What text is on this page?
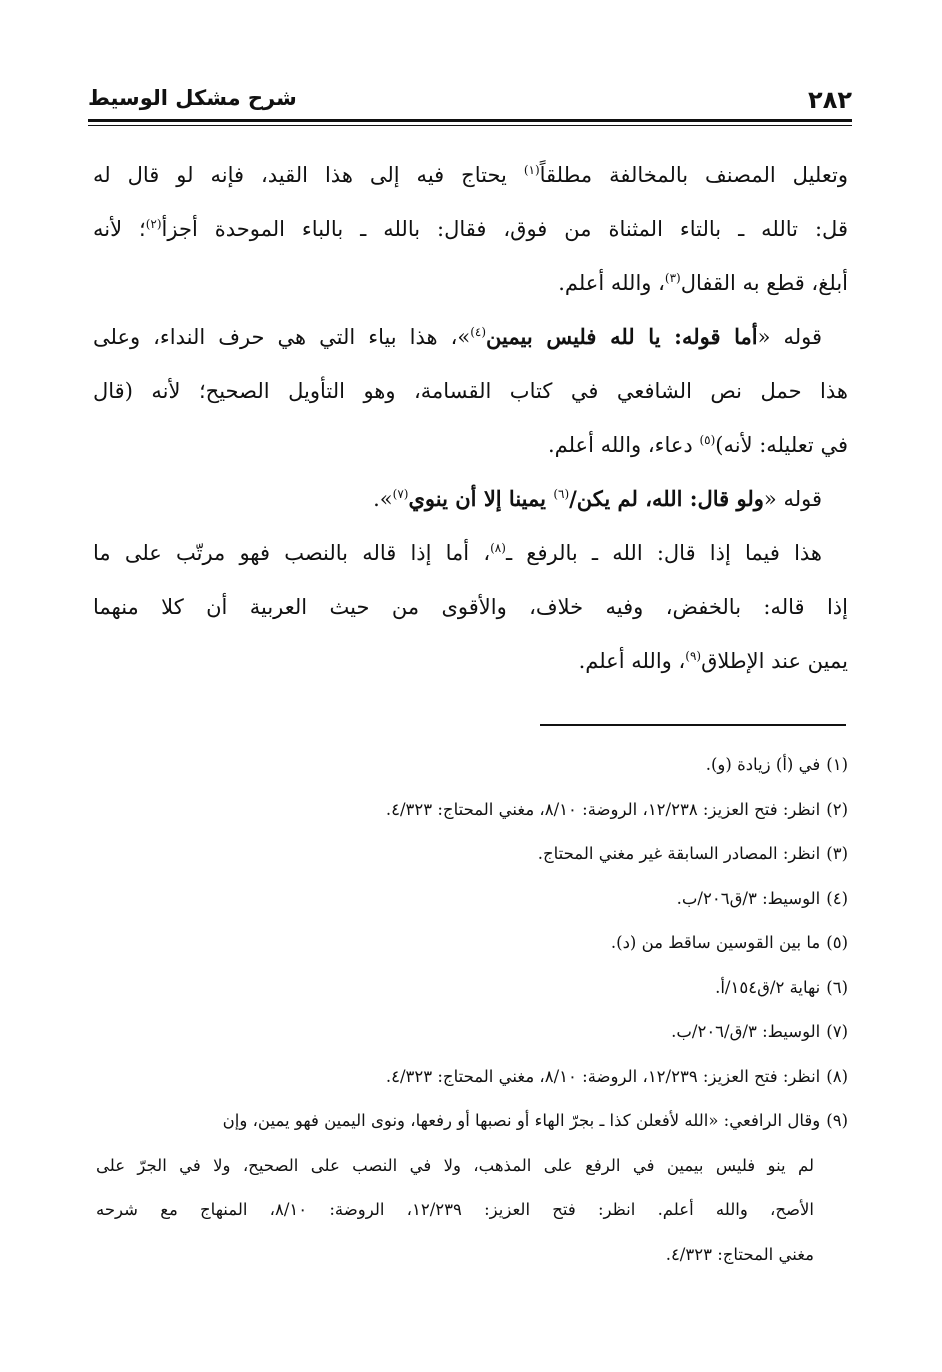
٢٨٢
شرح مشكل الوسيط
وتعليل المصنف بالمخالفة مطلقاً$^{(١)}$ يحتاج فيه إلى هذا القيد، فإنه لو قال له
قل: تالله ـ بالتاء المثناة من فوق، فقال: بالله ـ بالباء الموحدة أجزأ$^{(٢)}$؛ لأنه
أبلغ، قطع به القفال$^{(٣)}$، والله أعلم.
قوله «أما قوله: يا لله فليس بيمين$^{(٤)}$»، هذا بياء التي هي حرف النداء، وعلى
هذا حمل نص الشافعي في كتاب القسامة، وهو التأويل الصحيح؛ لأنه (قال
في تعليله: لأنه)$^{(٥)}$ دعاء، والله أعلم.
قوله «ولو قال: الله، لم يكن/$^{(٦)}$ يمينا إلا أن ينوي$^{(٧)}$».
هذا فيما إذا قال: الله ـ بالرفع ـ$^{(٨)}$، أما إذا قاله بالنصب فهو مرتّب على ما
إذا قاله: بالخفض، وفيه خلاف، والأقوى من حيث العربية أن كلا منهما
يمين عند الإطلاق$^{(٩)}$، والله أعلم.
(١)في (أ) زيادة (و).
(٢)انظر: فتح العزيز: ١٢/٢٣٨، الروضة: ٨/١٠، مغني المحتاج: ٤/٣٢٣.
(٣)انظر: المصادر السابقة غير مغني المحتاج.
(٤)الوسيط: ٣/ق٢٠٦/ب.
(٥)ما بين القوسين ساقط من (د).
(٦)نهاية ٢/ق١٥٤/أ.
(٧)الوسيط: ٣/ق/٢٠٦/ب.
(٨)انظر: فتح العزيز: ١٢/٢٣٩، الروضة: ٨/١٠، مغني المحتاج: ٤/٣٢٣.
(٩)وقال الرافعي: «الله لأفعلن كذا ـ بجرّ الهاء أو نصبها أو رفعها، ونوى اليمين فهو يمين، وإن
لم ينو فليس بيمين في الرفع على المذهب، ولا في النصب على الصحيح، ولا في الجرّ على
الأصح، والله أعلم. انظر: فتح العزيز: ١٢/٢٣٩، الروضة: ٨/١٠، المنهاج مع شرحه
مغني المحتاج: ٤/٣٢٣.
